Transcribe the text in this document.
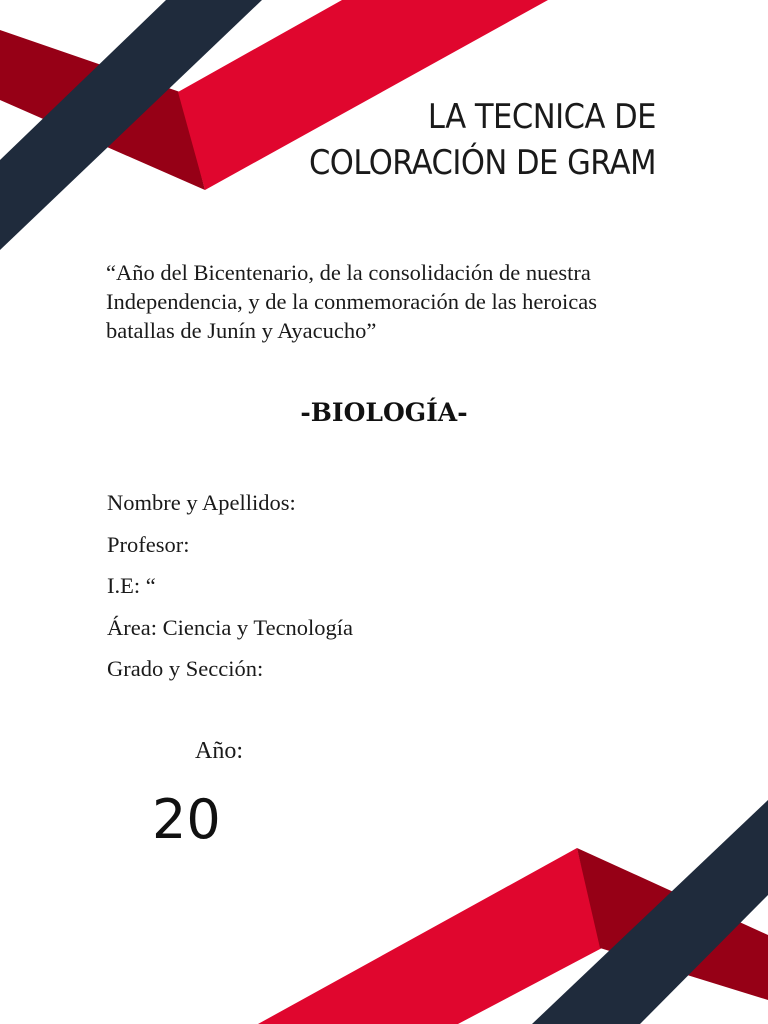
LA TECNICA DE
COLORACIÓN DE GRAM
“Año del Bicentenario, de la consolidación de nuestra Independencia, y de la conmemoración de las heroicas batallas de Junín y Ayacucho”
-BIOLOGÍA-
Nombre y Apellidos:
Profesor:
I.E: “
Área: Ciencia y Tecnología
Grado y Sección:
Año:
20
